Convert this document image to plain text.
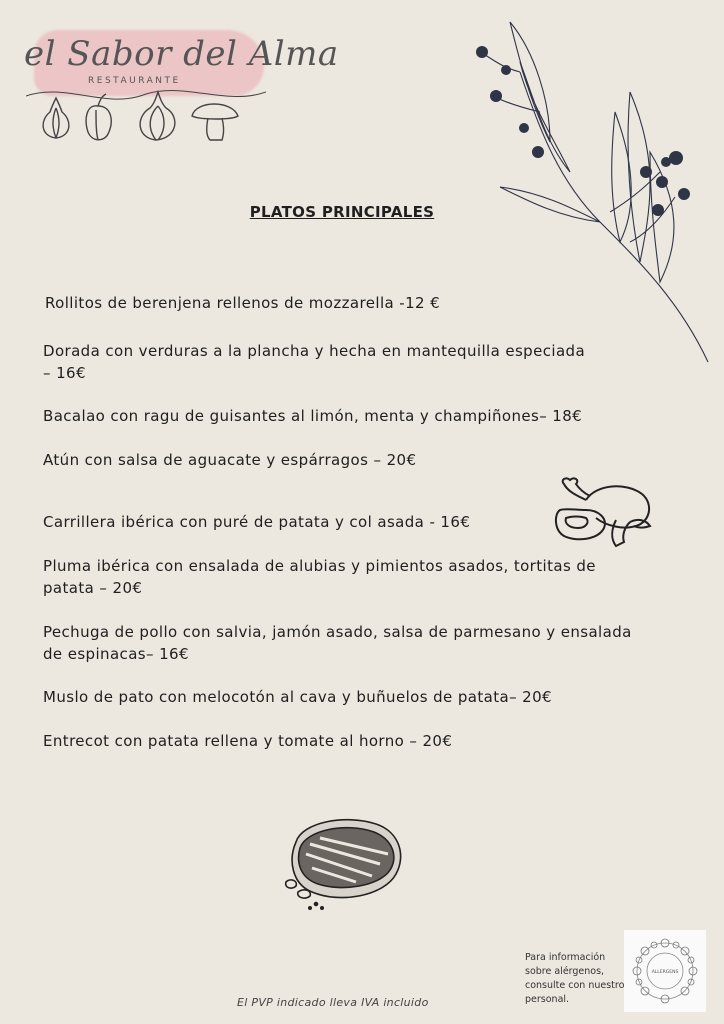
el Sabor del Alma
RESTAURANTE
PLATOS PRINCIPALES
Rollitos de berenjena rellenos de mozzarella -12 €
Dorada con verduras a la plancha y hecha en mantequilla especiada
– 16€
Bacalao con ragu de guisantes al limón, menta y champiñones– 18€
Atún con salsa de aguacate y espárragos – 20€
Carrillera ibérica con puré de patata y col asada - 16€
Pluma ibérica con ensalada de alubias y pimientos asados, tortitas de
patata – 20€
Pechuga de pollo con salvia, jamón asado, salsa de parmesano y ensalada
de espinacas– 16€
Muslo de pato con melocotón al cava y buñuelos de patata– 20€
Entrecot con patata rellena y tomate al horno – 20€
El PVP indicado lleva IVA incluido
Para información sobre alérgenos, consulte con nuestro personal.
ALLERGENS
